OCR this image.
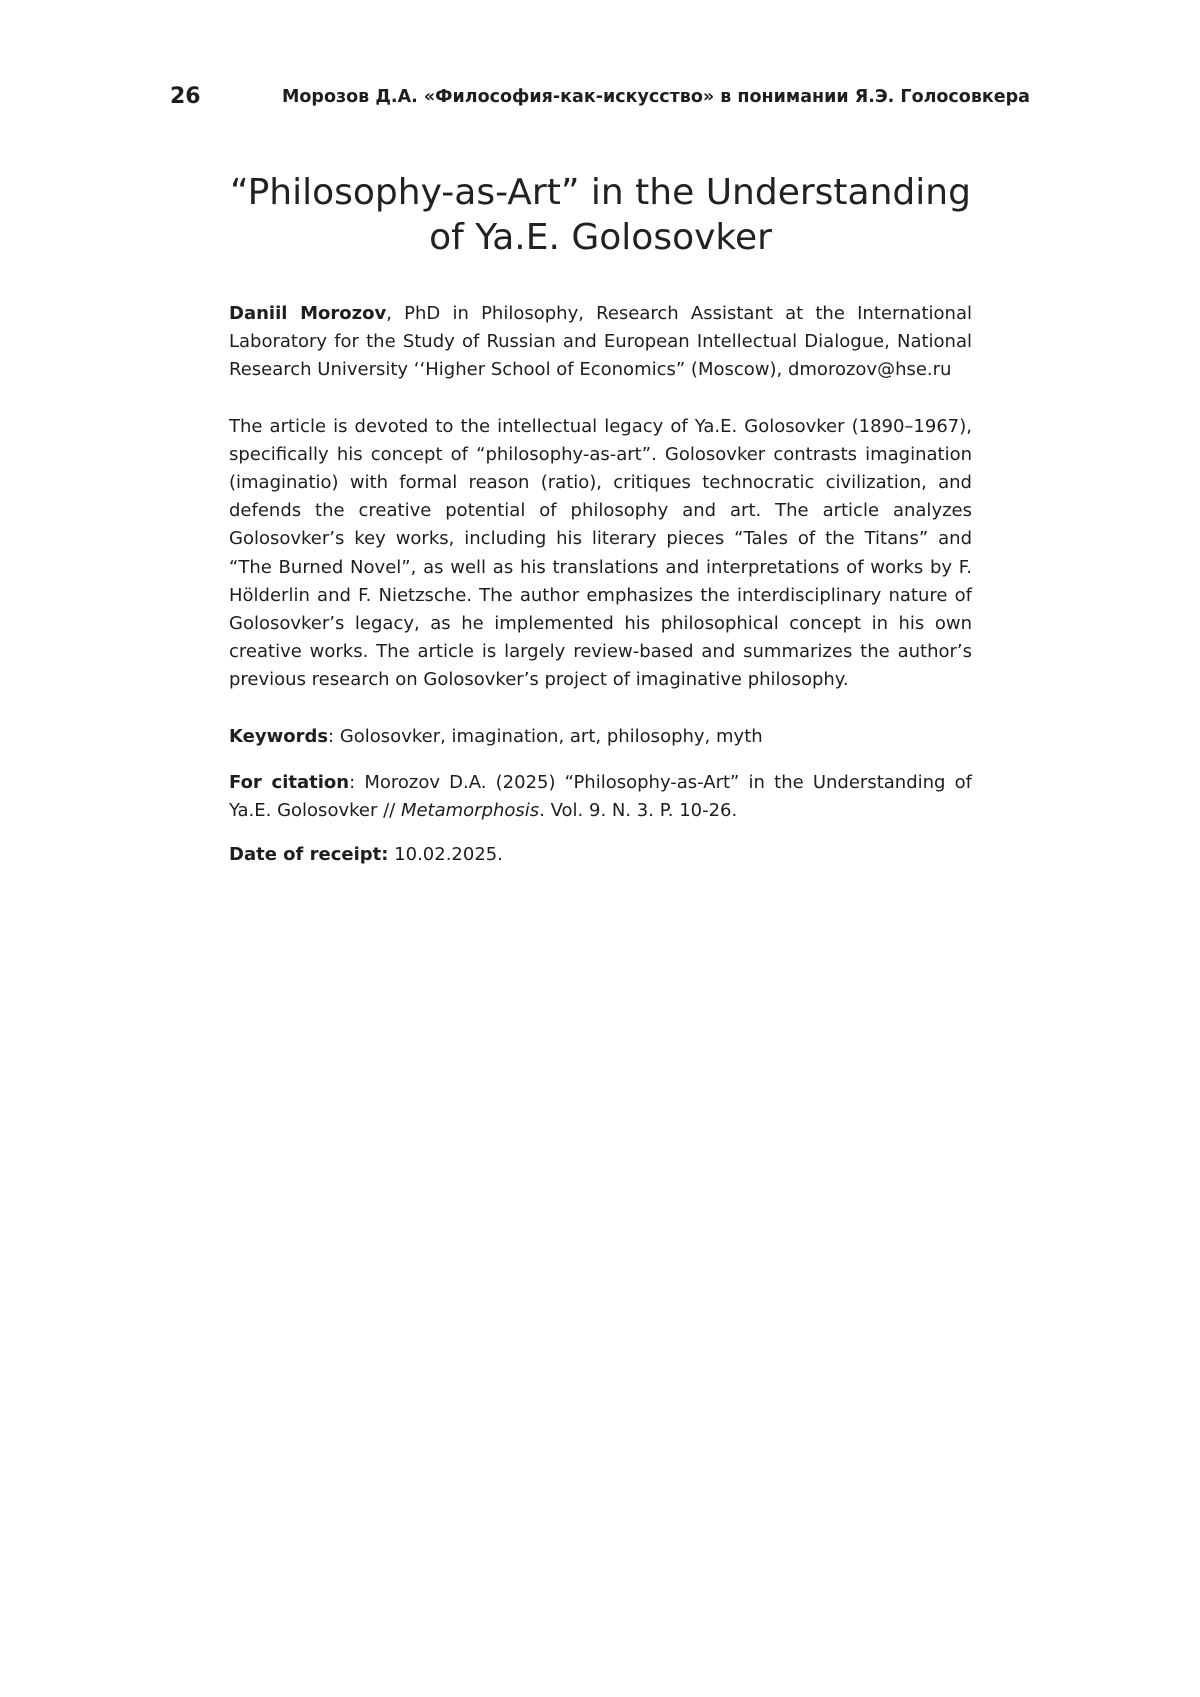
26	Морозов Д.А. «Философия-как-искусство» в понимании Я.Э. Голосовкера
“Philosophy-as-Art” in the Understanding
of Ya.E. Golosovker

Daniil Morozov, PhD in Philosophy, Research Assistant at the International Laboratory for the Study of Russian and European Intellectual Dialogue, National Research University ‘‘Higher School of Economics” (Moscow), dmorozov@hse.ru

The article is devoted to the intellectual legacy of Ya.E. Golosovker (1890–1967), specifically his concept of “philosophy-as-art”. Golosovker contrasts imagination (imaginatio) with formal reason (ratio), critiques technocratic civilization, and defends the creative potential of philosophy and art. The article analyzes Golosovker’s key works, including his literary pieces “Tales of the Titans” and “The Burned Novel”, as well as his translations and interpretations of works by F. Hölderlin and F. Nietzsche. The author emphasizes the interdisciplinary nature of Golosovker’s legacy, as he implemented his philosophical concept in his own creative works. The article is largely review-based and summarizes the author’s previous research on Golosovker’s project of imaginative philosophy.

Keywords: Golosovker, imagination, art, philosophy, myth

For citation: Morozov D.A. (2025) “Philosophy-as-Art” in the Understanding of Ya.E. Golosovker // Metamorphosis. Vol. 9. N. 3. P. 10-26.

Date of receipt: 10.02.2025.
